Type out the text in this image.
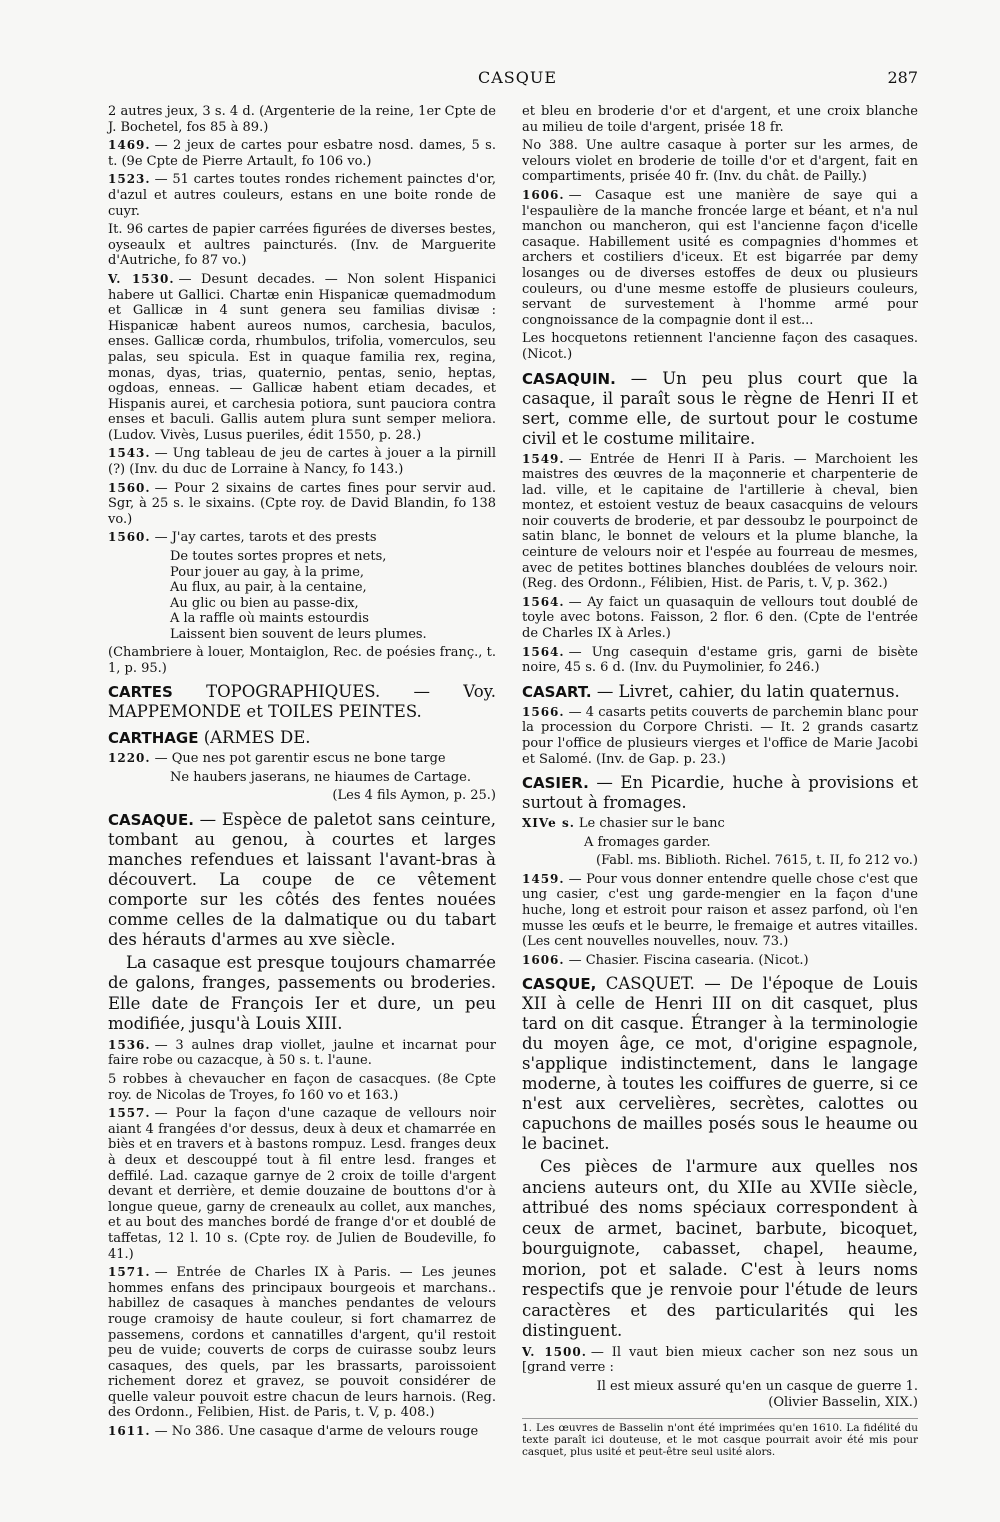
CASQUE	287

2 autres jeux, 3 s. 4 d. (Argenterie de la reine, 1er Cpte de J. Bochetel, fos 85 à 89.)

1469. — 2 jeux de cartes pour esbatre nosd. dames, 5 s. t. (9e Cpte de Pierre Artault, fo 106 vo.)

1523. — 51 cartes toutes rondes richement painctes d'or, d'azul et autres couleurs, estans en une boite ronde de cuyr.

It. 96 cartes de papier carrées figurées de diverses bestes, oyseaulx et aultres paincturés. (Inv. de Marguerite d'Autriche, fo 87 vo.)

V. 1530. — Desunt decades. — Non solent Hispanici habere ut Gallici. Chartæ enin Hispanicæ quemadmodum et Gallicæ in 4 sunt genera seu familias divisæ : Hispanicæ habent aureos numos, carchesia, baculos, enses. Gallicæ corda, rhumbulos, trifolia, vomerculos, seu palas, seu spicula. Est in quaque familia rex, regina, monas, dyas, trias, quaternio, pentas, senio, heptas, ogdoas, enneas. — Gallicæ habent etiam decades, et Hispanis aurei, et carchesia potiora, sunt pauciora contra enses et baculi. Gallis autem plura sunt semper meliora. (Ludov. Vivès, Lusus pueriles, édit 1550, p. 28.)

1543. — Ung tableau de jeu de cartes à jouer a la pirnill (?) (Inv. du duc de Lorraine à Nancy, fo 143.)

1560. — Pour 2 sixains de cartes fines pour servir aud. Sgr, à 25 s. le sixains. (Cpte roy. de David Blandin, fo 138 vo.)

1560. — J'ay cartes, tarots et des prests

De toutes sortes propres et nets,
Pour jouer au gay, à la prime,
Au flux, au pair, à la centaine,
Au glic ou bien au passe-dix,
A la raffle où maints estourdis
Laissent bien souvent de leurs plumes.

(Chambriere à louer, Montaiglon, Rec. de poésies franç., t. 1, p. 95.)

CARTES TOPOGRAPHIQUES. — Voy. MAPPEMONDE et TOILES PEINTES.

CARTHAGE (ARMES DE.

1220. — Que nes pot garentir escus ne bone targe

Ne haubers jaserans, ne hiaumes de Cartage.

(Les 4 fils Aymon, p. 25.)

CASAQUE. — Espèce de paletot sans ceinture, tombant au genou, à courtes et larges manches refendues et laissant l'avant-bras à découvert. La coupe de ce vêtement comporte sur les côtés des fentes nouées comme celles de la dalmatique ou du tabart des hérauts d'armes au xve siècle.

La casaque est presque toujours chamarrée de galons, franges, passements ou broderies. Elle date de François Ier et dure, un peu modifiée, jusqu'à Louis XIII.

1536. — 3 aulnes drap viollet, jaulne et incarnat pour faire robe ou cazacque, à 50 s. t. l'aune.

5 robbes à chevaucher en façon de casacques. (8e Cpte roy. de Nicolas de Troyes, fo 160 vo et 163.)

1557. — Pour la façon d'une cazaque de vellours noir aiant 4 frangées d'or dessus, deux à deux et chamarrée en biès et en travers et à bastons rompuz. Lesd. franges deux à deux et descouppé tout à fil entre lesd. franges et deffilé. Lad. cazaque garnye de 2 croix de toille d'argent devant et derrière, et demie douzaine de bouttons d'or à longue queue, garny de creneaulx au collet, aux manches, et au bout des manches bordé de frange d'or et doublé de taffetas, 12 l. 10 s. (Cpte roy. de Julien de Boudeville, fo 41.)

1571. — Entrée de Charles IX à Paris. — Les jeunes hommes enfans des principaux bourgeois et marchans.. habillez de casaques à manches pendantes de velours rouge cramoisy de haute couleur, si fort chamarrez de passemens, cordons et cannatilles d'argent, qu'il restoit peu de vuide; couverts de corps de cuirasse soubz leurs casaques, des quels, par les brassarts, paroissoient richement dorez et gravez, se pouvoit considérer de quelle valeur pouvoit estre chacun de leurs harnois. (Reg. des Ordonn., Felibien, Hist. de Paris, t. V, p. 408.)

1611. — No 386. Une casaque d'arme de velours rouge

et bleu en broderie d'or et d'argent, et une croix blanche au milieu de toile d'argent, prisée 18 fr.

No 388. Une aultre casaque à porter sur les armes, de velours violet en broderie de toille d'or et d'argent, fait en compartiments, prisée 40 fr. (Inv. du chât. de Pailly.)

1606. — Casaque est une manière de saye qui a l'espaulière de la manche froncée large et béant, et n'a nul manchon ou mancheron, qui est l'ancienne façon d'icelle casaque. Habillement usité es compagnies d'hommes et archers et costiliers d'iceux. Et est bigarrée par demy losanges ou de diverses estoffes de deux ou plusieurs couleurs, ou d'une mesme estoffe de plusieurs couleurs, servant de survestement à l'homme armé pour congnoissance de la compagnie dont il est...

Les hocquetons retiennent l'ancienne façon des casaques. (Nicot.)

CASAQUIN. — Un peu plus court que la casaque, il paraît sous le règne de Henri II et sert, comme elle, de surtout pour le costume civil et le costume militaire.

1549. — Entrée de Henri II à Paris. — Marchoient les maistres des œuvres de la maçonnerie et charpenterie de lad. ville, et le capitaine de l'artillerie à cheval, bien montez, et estoient vestuz de beaux casacquins de velours noir couverts de broderie, et par dessoubz le pourpoinct de satin blanc, le bonnet de velours et la plume blanche, la ceinture de velours noir et l'espée au fourreau de mesmes, avec de petites bottines blanches doublées de velours noir. (Reg. des Ordonn., Félibien, Hist. de Paris, t. V, p. 362.)

1564. — Ay faict un quasaquin de vellours tout doublé de toyle avec botons. Faisson, 2 flor. 6 den. (Cpte de l'entrée de Charles IX à Arles.)

1564. — Ung casequin d'estame gris, garni de bisète noire, 45 s. 6 d. (Inv. du Puymolinier, fo 246.)

CASART. — Livret, cahier, du latin quaternus.

1566. — 4 casarts petits couverts de parchemin blanc pour la procession du Corpore Christi. — It. 2 grands casartz pour l'office de plusieurs vierges et l'office de Marie Jacobi et Salomé. (Inv. de Gap. p. 23.)

CASIER. — En Picardie, huche à provisions et surtout à fromages.

XIVe s. Le chasier sur le banc

A fromages garder.

(Fabl. ms. Biblioth. Richel. 7615, t. II, fo 212 vo.)

1459. — Pour vous donner entendre quelle chose c'est que ung casier, c'est ung garde-mengier en la façon d'une huche, long et estroit pour raison et assez parfond, où l'en musse les œufs et le beurre, le fremaige et autres vitailles. (Les cent nouvelles nouvelles, nouv. 73.)

1606. — Chasier. Fiscina casearia. (Nicot.)

CASQUE, CASQUET. — De l'époque de Louis XII à celle de Henri III on dit casquet, plus tard on dit casque. Étranger à la terminologie du moyen âge, ce mot, d'origine espagnole, s'applique indistinctement, dans le langage moderne, à toutes les coiffures de guerre, si ce n'est aux cervelières, secrètes, calottes ou capuchons de mailles posés sous le heaume ou le bacinet.

Ces pièces de l'armure aux quelles nos anciens auteurs ont, du XIIe au XVIIe siècle, attribué des noms spéciaux correspondent à ceux de armet, bacinet, barbute, bicoquet, bourguignote, cabasset, chapel, heaume, morion, pot et salade. C'est à leurs noms respectifs que je renvoie pour l'étude de leurs caractères et des particularités qui les distinguent.

V. 1500. — Il vaut bien mieux cacher son nez sous un [grand verre :

Il est mieux assuré qu'en un casque de guerre 1.
(Olivier Basselin, XIX.)

1. Les œuvres de Basselin n'ont été imprimées qu'en 1610. La fidélité du texte paraît ici douteuse, et le mot casque pourrait avoir été mis pour casquet, plus usité et peut-être seul usité alors.
